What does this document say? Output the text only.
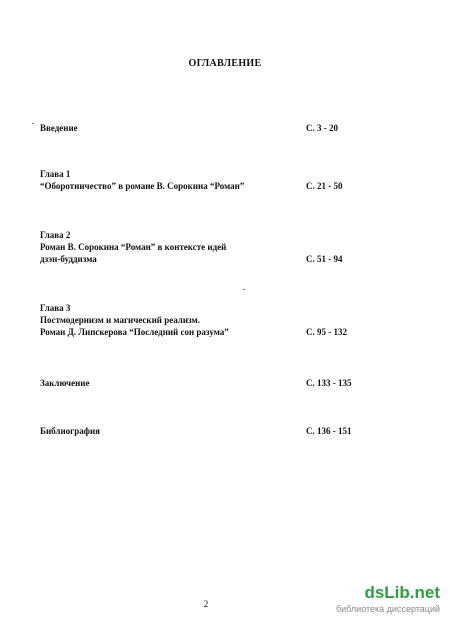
ОГЛАВЛЕНИЕ
Введение	С. 3 - 20
Глава 1
“Оборотничество” в романе В. Сорокина “Роман”	С. 21 - 50
Глава 2
Роман В. Сорокина “Роман” в контексте идей
дзэн-буддизма	С. 51 - 94
Глава 3
Постмодернизм и магический реализм.
Роман Д. Липскерова “Последний сон разума”	С. 95 - 132
Заключение	С. 133 - 135
Библиография	С. 136 - 151
2
dsLib.net
библиотека диссертаций
